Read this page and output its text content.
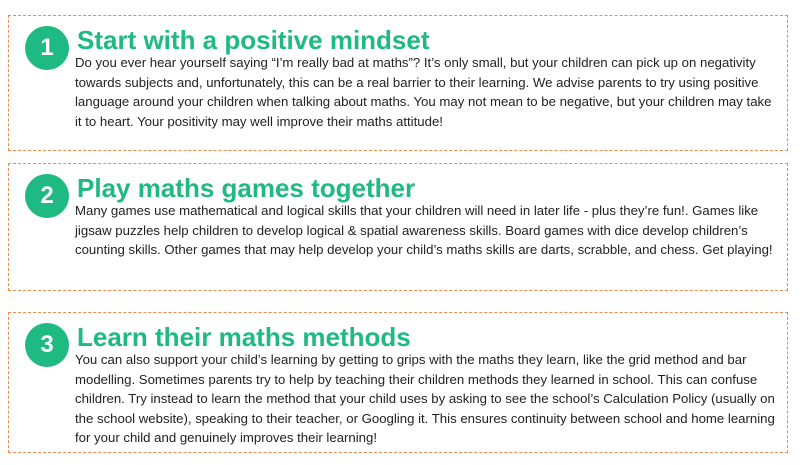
1 Start with a positive mindset

Do you ever hear yourself saying “I’m really bad at maths”? It’s only small, but your children can pick up on negativity towards subjects and, unfortunately, this can be a real barrier to their learning. We advise parents to try using positive language around your children when talking about maths. You may not mean to be negative, but your children may take it to heart. Your positivity may well improve their maths attitude!

2 Play maths games together

Many games use mathematical and logical skills that your children will need in later life - plus they’re fun!. Games like jigsaw puzzles help children to develop logical & spatial awareness skills. Board games with dice develop children’s counting skills. Other games that may help develop your child’s maths skills are darts, scrabble, and chess. Get playing!

3 Learn their maths methods

You can also support your child’s learning by getting to grips with the maths they learn, like the grid method and bar modelling. Sometimes parents try to help by teaching their children methods they learned in school. This can confuse children. Try instead to learn the method that your child uses by asking to see the school’s Calculation Policy (usually on the school website), speaking to their teacher, or Googling it. This ensures continuity between school and home learning for your child and genuinely improves their learning!
